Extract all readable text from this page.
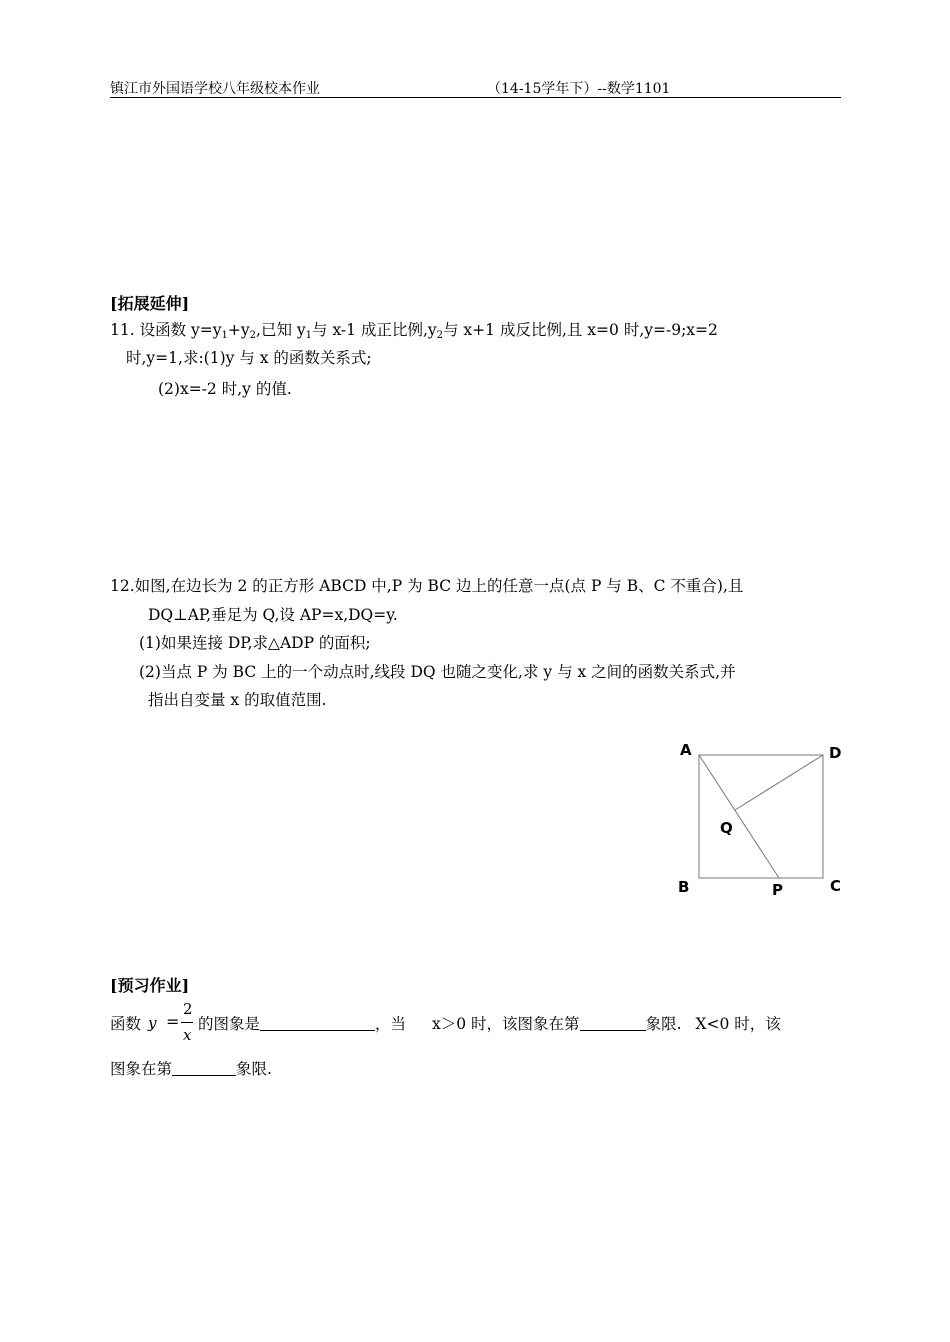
镇江市外国语学校八年级校本作业	（14-15学年下）--数学1101
[拓展延伸]
11. 设函数 $y=y_1+y_2$,已知 $y_1$与 x-1 成正比例$,y_2$与 x+1 成反比例,且 x=0 时,y=-9;x=2
时,y=1,求:(1)y 与 x 的函数关系式;
(2)x=-2 时,y 的值.
12.如图,在边长为 2 的正方形 ABCD 中,P 为 BC 边上的任意一点(点 P 与 B、C 不重合),且
DQ⊥AP,垂足为 Q,设 AP=x,DQ=y.
(1)如果连接 DP,求△ADP 的面积;
(2)当点 P 为 BC 上的一个动点时,线段 DQ 也随之变化,求 y 与 x 之间的函数关系式,并
指出自变量 x 的取值范围.
A	D
Q
B	P	C
[预习作业]
函数 y
2
x
= 的图象是	，当 x＞0 时，该图象在第	象限. X<0 时，该
图象在第	象限.
